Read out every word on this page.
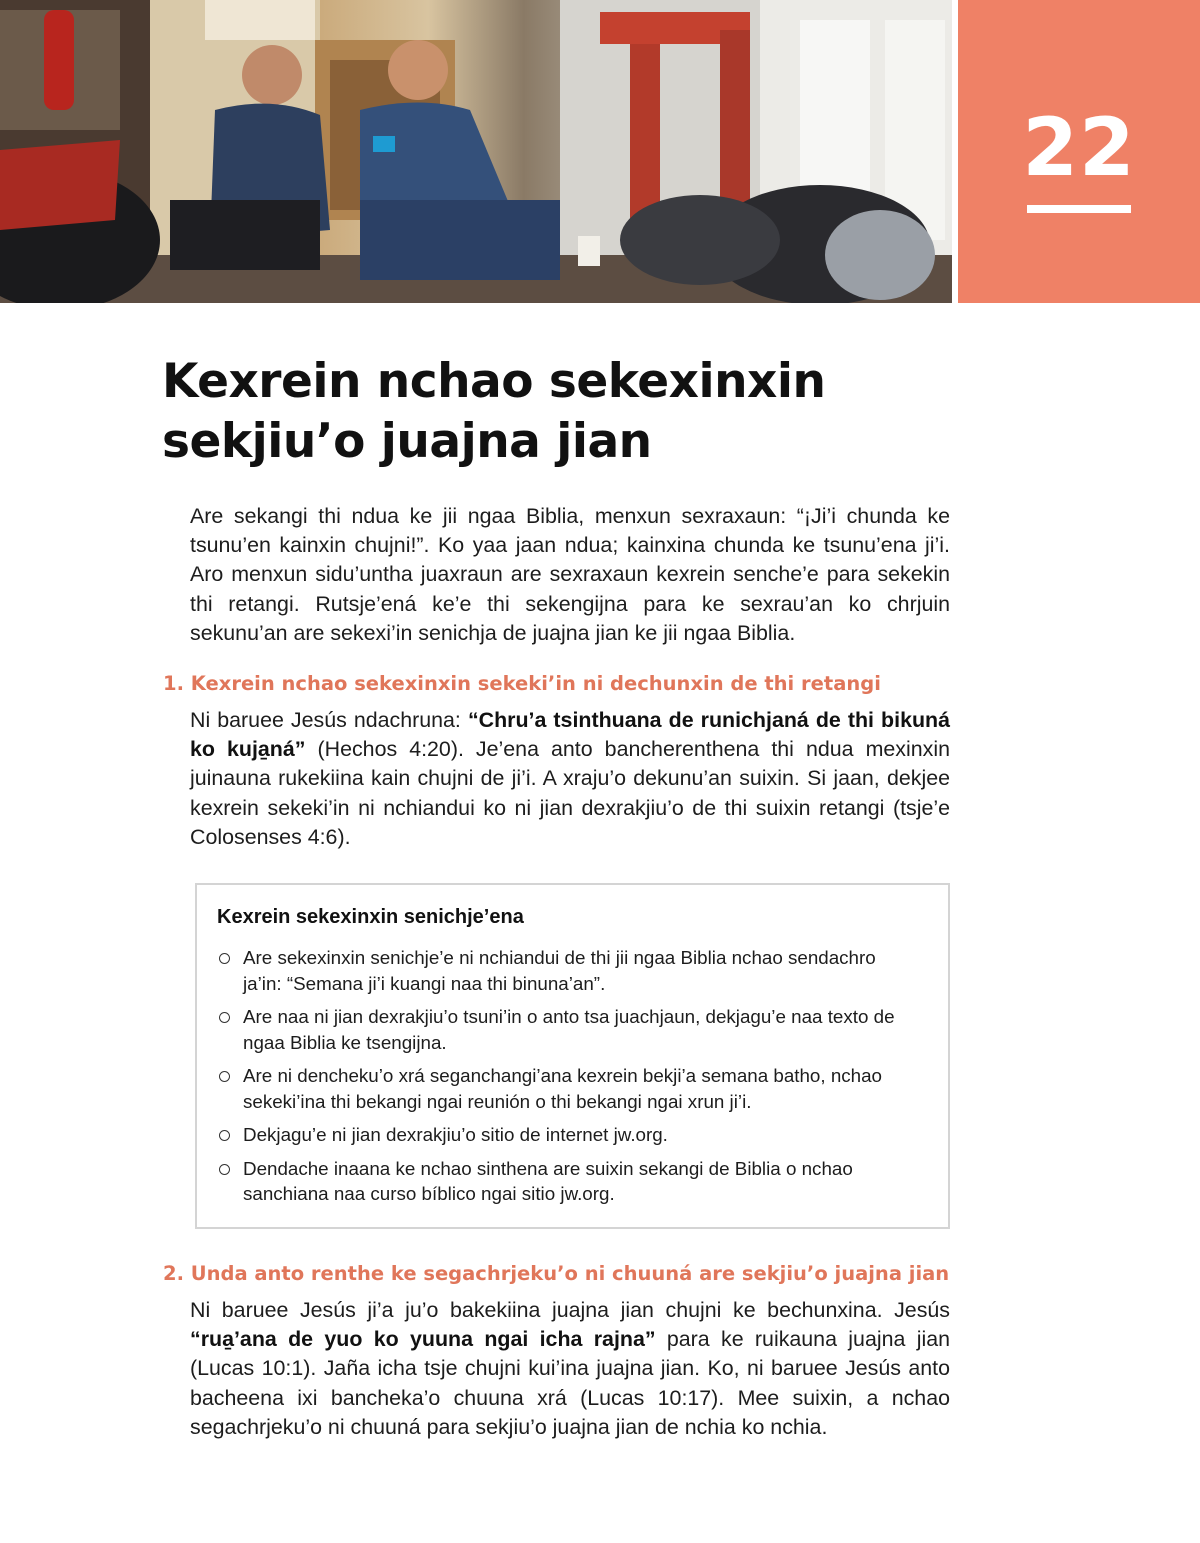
22
Kexrein nchao sekexinxin
sekjiu’o juajna jian

Are sekangi thi ndua ke jii ngaa Biblia, menxun sexraxaun: “¡Ji’i chunda ke tsunu’en kainxin chujni!”. Ko yaa jaan ndua; kainxina chunda ke tsunu’ena ji’i. Aro menxun sidu’untha juaxraun are sexraxaun kexrein senche’e para sekekin thi retangi. Rutsje’ená ke’e thi sekengijna para ke sexrau’an ko chrjuin sekunu’an are sekexi’in senichja de juajna jian ke jii ngaa Biblia.

1. Kexrein nchao sekexinxin sekeki’in ni dechunxin de thi retangi

Ni baruee Jesús ndachruna: “Chru’a tsinthuana de runichjaná de thi bikuná ko kuja̱ná” (Hechos 4:20). Je’ena anto bancherenthena thi ndua mexinxin juinauna rukekiina kain chujni de ji’i. A xraju’o dekunu’an suixin. Si jaan, dekjee kexrein sekeki’in ni nchiandui ko ni jian dexrakjiu’o de thi suixin retangi (tsje’e Colosenses 4:6).

Kexrein sekexinxin senichje’ena
Are sekexinxin senichje’e ni nchiandui de thi jii ngaa Biblia nchao sendachro ja’in: “Semana ji’i kuangi naa thi binuna’an”.
Are naa ni jian dexrakjiu’o tsuni’in o anto tsa juachjaun, dekjagu’e naa texto de ngaa Biblia ke tsengijna.
Are ni dencheku’o xrá seganchangi’ana kexrein bekji’a semana batho, nchao sekeki’ina thi bekangi ngai reunión o thi bekangi ngai xrun ji’i.
Dekjagu’e ni jian dexrakjiu’o sitio de internet jw.org.
Dendache inaana ke nchao sinthena are suixin sekangi de Biblia o nchao sanchiana naa curso bíblico ngai sitio jw.org.
2. Unda anto renthe ke segachrjeku’o ni chuuná are sekjiu’o juajna jian

Ni baruee Jesús ji’a ju’o bakekiina juajna jian chujni ke bechunxina. Jesús “rua̱’ana de yuo ko yuuna ngai icha rajna” para ke ruikauna juajna jian (Lucas 10:1). Jaña icha tsje chujni kui’ina juajna jian. Ko, ni baruee Jesús anto bacheena ixi bancheka’o chuuna xrá (Lucas 10:17). Mee suixin, a nchao segachrjeku’o ni chuuná para sekjiu’o juajna jian de nchia ko nchia.
